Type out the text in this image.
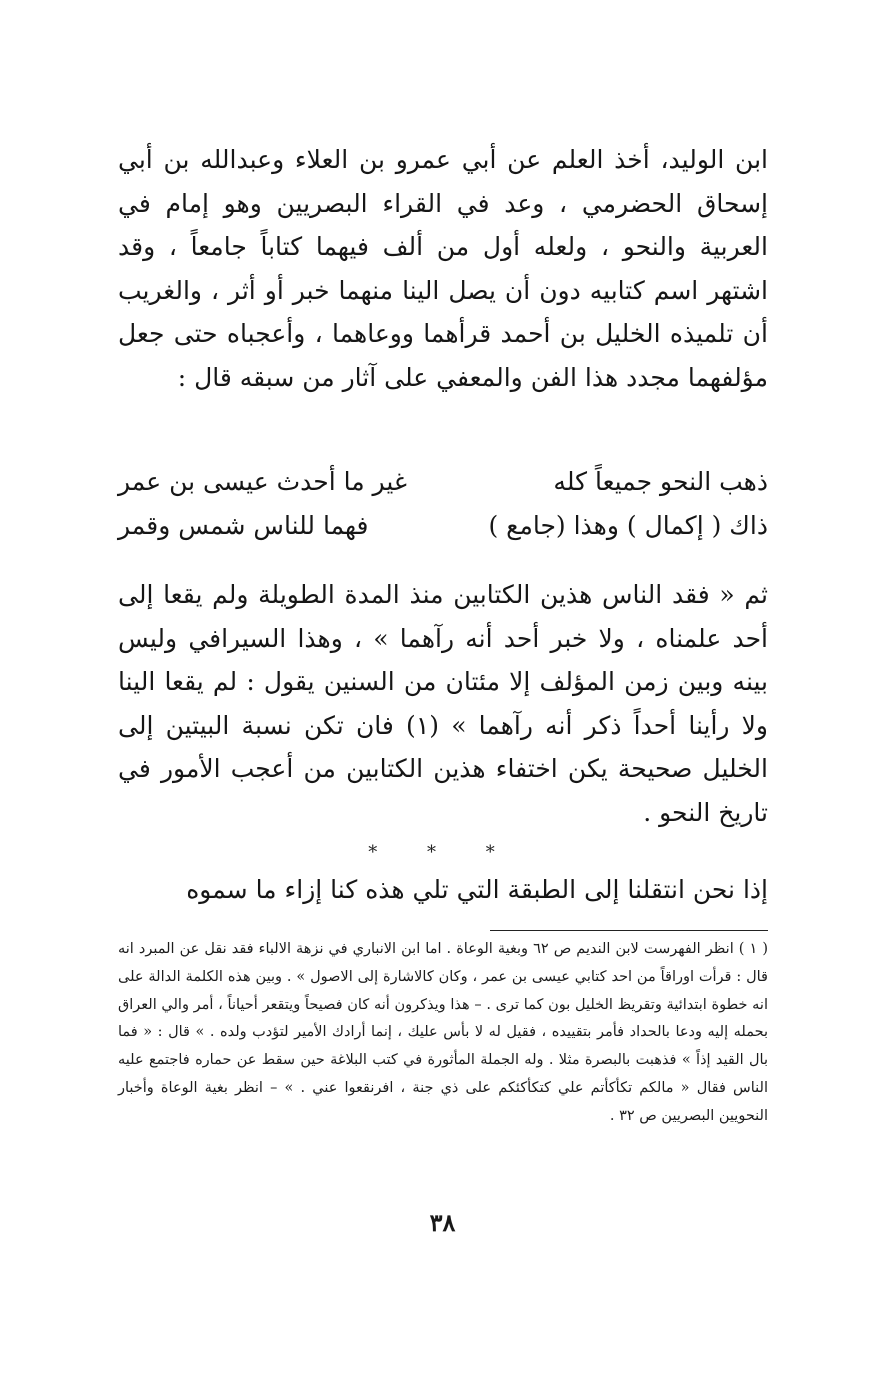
ابن الوليد، أخذ العلم عن أبي عمرو بن العلاء وعبدالله بن أبي إسحاق الحضرمي ، وعد في القراء البصريين وهو إمام في العربية والنحو ، ولعله أول من ألف فيهما كتاباً جامعاً ، وقد اشتهر اسم كتابيه دون أن يصل الينا منهما خبر أو أثر ، والغريب أن تلميذه الخليل بن أحمد قرأهما ووعاهما ، وأعجباه حتى جعل مؤلفهما مجدد هذا الفن والمعفي على آثار من سبقه قال :

ذهب النحو جميعاً كله
غير ما أحدث عيسى بن عمر
ذاك ( إكمال ) وهذا (جامع )
فهما للناس شمس وقمر

ثم « فقد الناس هذين الكتابين منذ المدة الطويلة ولم يقعا إلى أحد علمناه ، ولا خبر أحد أنه رآهما » ، وهذا السيرافي وليس بينه وبين زمن المؤلف إلا مئتان من السنين يقول : لم يقعا الينا ولا رأينا أحداً ذكر أنه رآهما » (١) فان تكن نسبة البيتين إلى الخليل صحيحة يكن اختفاء هذين الكتابين من أعجب الأمور في تاريخ النحو .

* * *

إذا نحن انتقلنا إلى الطبقة التي تلي هذه كنا إزاء ما سموه

( ١ ) انظر الفهرست لابن النديم ص ٦٢ وبغية الوعاة . اما ابن الانباري في نزهة الالباء فقد نقل عن المبرد انه قال : قرأت اوراقاً من احد كتابي عيسى بن عمر ، وكان كالاشارة إلى الاصول » . وبين هذه الكلمة الدالة على انه خطوة ابتدائية وتقريظ الخليل بون كما ترى . – هذا ويذكرون أنه كان فصيحاً ويتقعر أحياناً ، أمر والي العراق بحمله إليه ودعا بالحداد فأمر بتقييده ، فقيل له لا بأس عليك ، إنما أرادك الأمير لتؤدب ولده . » قال : « فما بال القيد إذاً » فذهبت بالبصرة مثلا . وله الجملة المأثورة في كتب البلاغة حين سقط عن حماره فاجتمع عليه الناس فقال « مالكم تكأكأتم علي كتكأكئكم على ذي جنة ، افرنقعوا عني . » – انظر بغية الوعاة وأخبار النحويين البصريين ص ٣٢ .

٣٨
